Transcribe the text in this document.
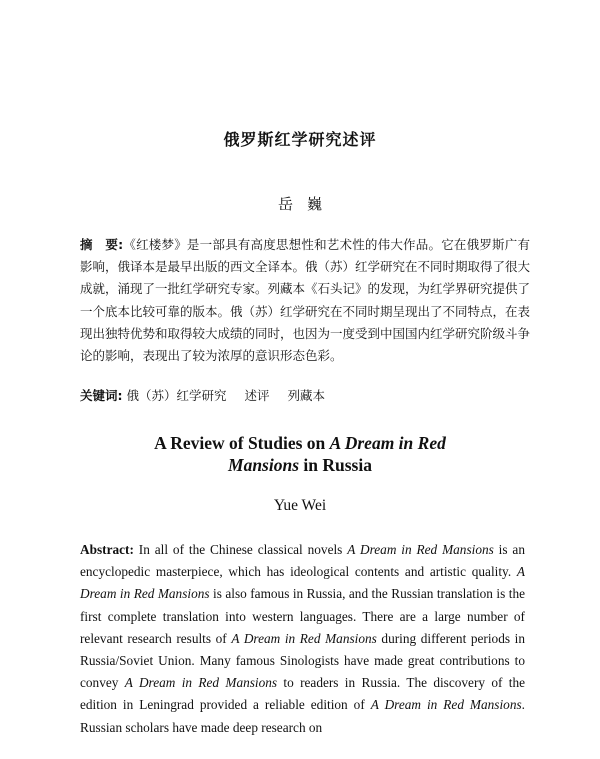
俄罗斯红学研究述评
岳巍
摘　要:《红楼梦》是一部具有高度思想性和艺术性的伟大作品。它在俄罗斯广有影响，俄译本是最早出版的西文全译本。俄（苏）红学研究在不同时期取得了很大成就，涌现了一批红学研究专家。列藏本《石头记》的发现，为红学界研究提供了一个底本比较可靠的版本。俄（苏）红学研究在不同时期呈现出了不同特点，在表现出独特优势和取得较大成绩的同时，也因为一度受到中国国内红学研究阶级斗争论的影响，表现出了较为浓厚的意识形态色彩。
关键词: 俄（苏）红学研究 述评 列藏本
A Review of Studies on A Dream in Red
Mansions in Russia
Yue Wei
Abstract: In all of the Chinese classical novels A Dream in Red Mansions is an encyclopedic masterpiece, which has ideological contents and artistic quality. A Dream in Red Mansions is also famous in Russia, and the Russian translation is the first complete translation into western languages. There are a large number of relevant research results of A Dream in Red Mansions during different periods in Russia/Soviet Union. Many famous Sinologists have made great contributions to convey A Dream in Red Mansions to readers in Russia. The discovery of the edition in Leningrad provided a reliable edition of A Dream in Red Mansions. Russian scholars have made deep research on
